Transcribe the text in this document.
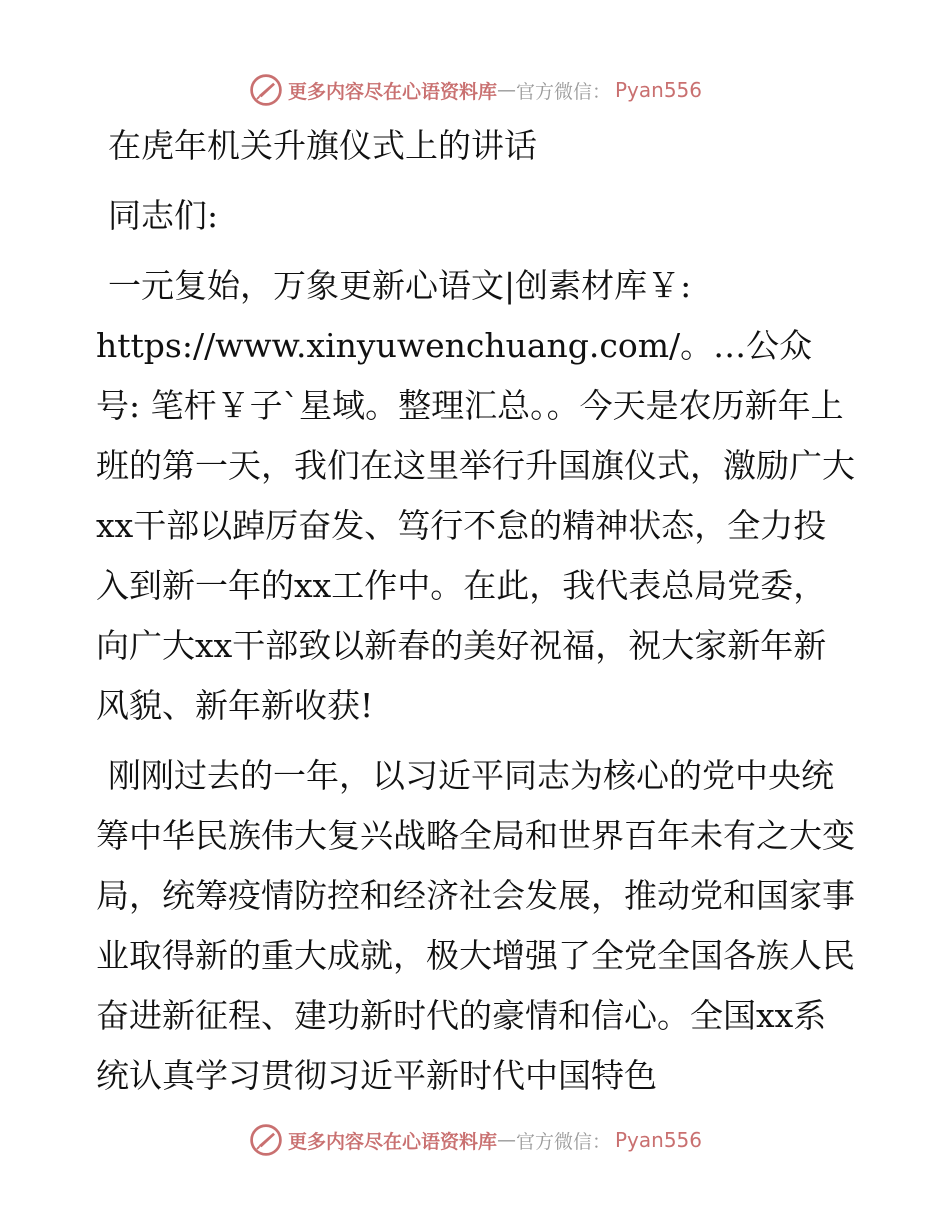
更多内容尽在心语资料库 — 官方微信： Pyan556

在虎年机关升旗仪式上的讲话

同志们:

一元复始，万象更新心语文|创素材库￥: https://www.xinyuwenchuang.com/。…公众号: 笔杆￥子`星域。整理汇总。。今天是农历新年上班的第一天，我们在这里举行升国旗仪式，激励广大xx干部以踔厉奋发、笃行不怠的精神状态，全力投入到新一年的xx工作中。在此，我代表总局党委，向广大xx干部致以新春的美好祝福，祝大家新年新风貌、新年新收获!

刚刚过去的一年，以习近平同志为核心的党中央统筹中华民族伟大复兴战略全局和世界百年未有之大变局，统筹疫情防控和经济社会发展，推动党和国家事业取得新的重大成就，极大增强了全党全国各族人民奋进新征程、建功新时代的豪情和信心。全国xx系统认真学习贯彻习近平新时代中国特色

更多内容尽在心语资料库 — 官方微信： Pyan556
